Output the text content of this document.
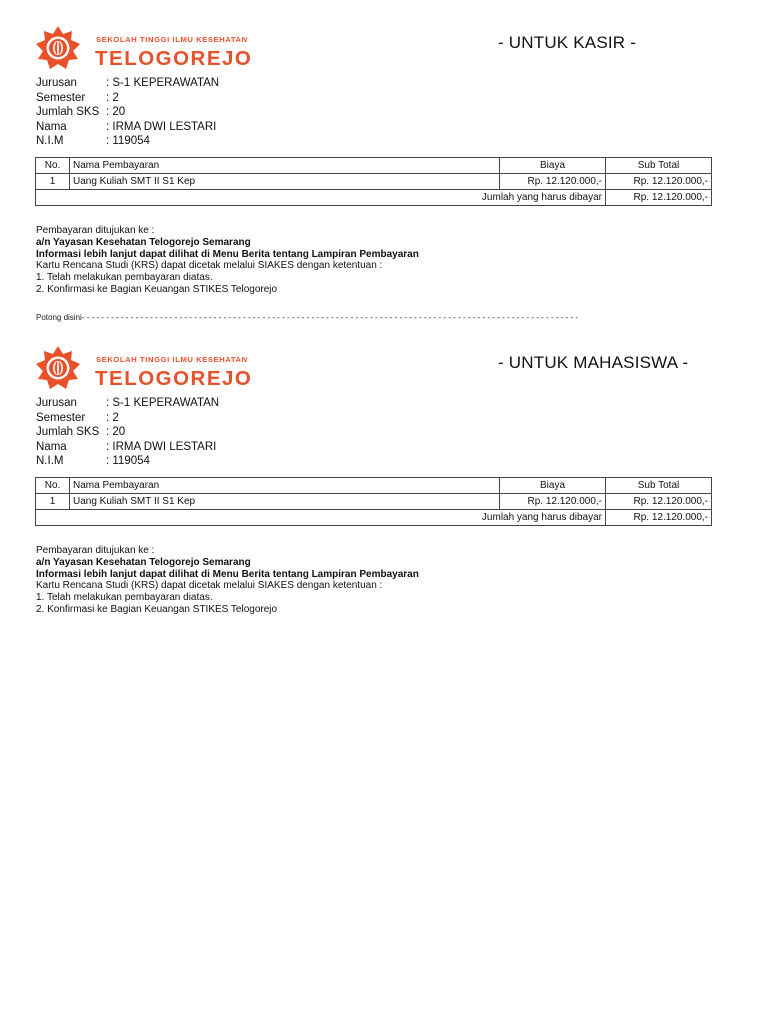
SEKOLAH TINGGI ILMU KESEHATAN
TELOGOREJO
- UNTUK KASIR -
Jurusan	: S-1 KEPERAWATAN
Semester : 2
Jumlah SKS : 20
Nama	: IRMA DWI LESTARI
N.I.M	: 119054
No.	Nama Pembayaran	Biaya	Sub Total
1	Uang Kuliah SMT II S1 Kep	Rp. 12.120.000,-	Rp. 12.120.000,-
Jumlah yang harus dibayar			Rp. 12.120.000,-
Pembayaran ditujukan ke :
a/n Yayasan Kesehatan Telogorejo Semarang
Informasi lebih lanjut dapat dilihat di Menu Berita tentang Lampiran Pembayaran
Kartu Rencana Studi (KRS) dapat dicetak melalui SIAKES dengan ketentuan :
1. Telah melakukan pembayaran diatas.
2. Konfirmasi ke Bagian Keuangan STIKES Telogorejo
SEKOLAH TINGGI ILMU KESEHATAN
TELOGOREJO
- UNTUK MAHASISWA -
Jurusan	: S-1 KEPERAWATAN
Semester : 2
Jumlah SKS : 20
Nama	: IRMA DWI LESTARI
N.I.M	: 119054
No.	Nama Pembayaran	Biaya	Sub Total
1	Uang Kuliah SMT II S1 Kep	Rp. 12.120.000,-	Rp. 12.120.000,-
Jumlah yang harus dibayar			Rp. 12.120.000,-
Pembayaran ditujukan ke :
a/n Yayasan Kesehatan Telogorejo Semarang
Informasi lebih lanjut dapat dilihat di Menu Berita tentang Lampiran Pembayaran
Kartu Rencana Studi (KRS) dapat dicetak melalui SIAKES dengan ketentuan :
1. Telah melakukan pembayaran diatas.
2. Konfirmasi ke Bagian Keuangan STIKES Telogorejo
Potong disini- - - - - - - - - - - - - - - - - - - - - - - - - - - - - - - - - - - - - - - - - - - - - - - - - - - - - - - - - - - - - - - - - - - - - - - - - - - - - - - - - - - - - - - - - - - - - - - - - - - - - -
